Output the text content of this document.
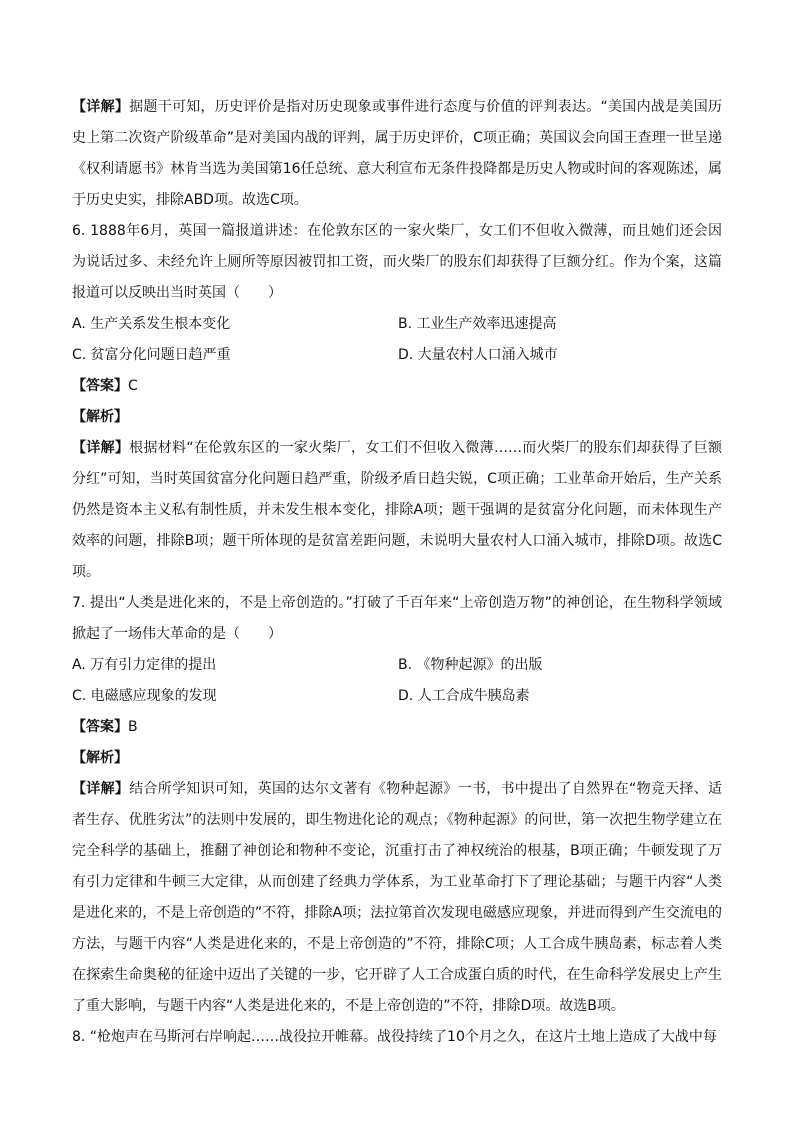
【详解】据题干可知，历史评价是指对历史现象或事件进行态度与价值的评判表达。“美国内战是美国历史上第二次资产阶级革命”是对美国内战的评判，属于历史评价，C项正确；英国议会向国王查理一世呈递《权利请愿书》林肯当选为美国第16任总统、意大利宣布无条件投降都是历史人物或时间的客观陈述，属于历史史实，排除ABD项。故选C项。

6. 1888年6月，英国一篇报道讲述：在伦敦东区的一家火柴厂，女工们不但收入微薄，而且她们还会因为说话过多、未经允许上厕所等原因被罚扣工资，而火柴厂的股东们却获得了巨额分红。作为个案，这篇报道可以反映出当时英国（　　）

A. 生产关系发生根本变化	B. 工业生产效率迅速提高
C. 贫富分化问题日趋严重	D. 大量农村人口涌入城市
【答案】C
【解析】

【详解】根据材料“在伦敦东区的一家火柴厂，女工们不但收入微薄……而火柴厂的股东们却获得了巨额分红”可知，当时英国贫富分化问题日趋严重，阶级矛盾日趋尖锐，C项正确；工业革命开始后，生产关系仍然是资本主义私有制性质，并未发生根本变化，排除A项；题干强调的是贫富分化问题，而未体现生产效率的问题，排除B项；题干所体现的是贫富差距问题，未说明大量农村人口涌入城市，排除D项。故选C项。

7. 提出“人类是进化来的，不是上帝创造的。”打破了千百年来“上帝创造万物”的神创论，在生物科学领域掀起了一场伟大革命的是（　　）

A. 万有引力定律的提出	B. 《物种起源》的出版
C. 电磁感应现象的发现	D. 人工合成牛胰岛素
【答案】B
【解析】

【详解】结合所学知识可知，英国的达尔文著有《物种起源》一书，书中提出了自然界在“物竞天择、适者生存、优胜劣汰”的法则中发展的，即生物进化论的观点；《物种起源》的问世，第一次把生物学建立在完全科学的基础上，推翻了神创论和物种不变论，沉重打击了神权统治的根基，B项正确；牛顿发现了万有引力定律和牛顿三大定律，从而创建了经典力学体系，为工业革命打下了理论基础；与题干内容“人类是进化来的，不是上帝创造的”不符，排除A项；法拉第首次发现电磁感应现象，并进而得到产生交流电的方法，与题干内容“人类是进化来的，不是上帝创造的”不符，排除C项；人工合成牛胰岛素，标志着人类在探索生命奥秘的征途中迈出了关键的一步，它开辟了人工合成蛋白质的时代，在生命科学发展史上产生了重大影响，与题干内容“人类是进化来的，不是上帝创造的”不符，排除D项。故选B项。

8. “枪炮声在马斯河右岸响起……战役拉开帷幕。战役持续了10个月之久，在这片土地上造成了大战中每
